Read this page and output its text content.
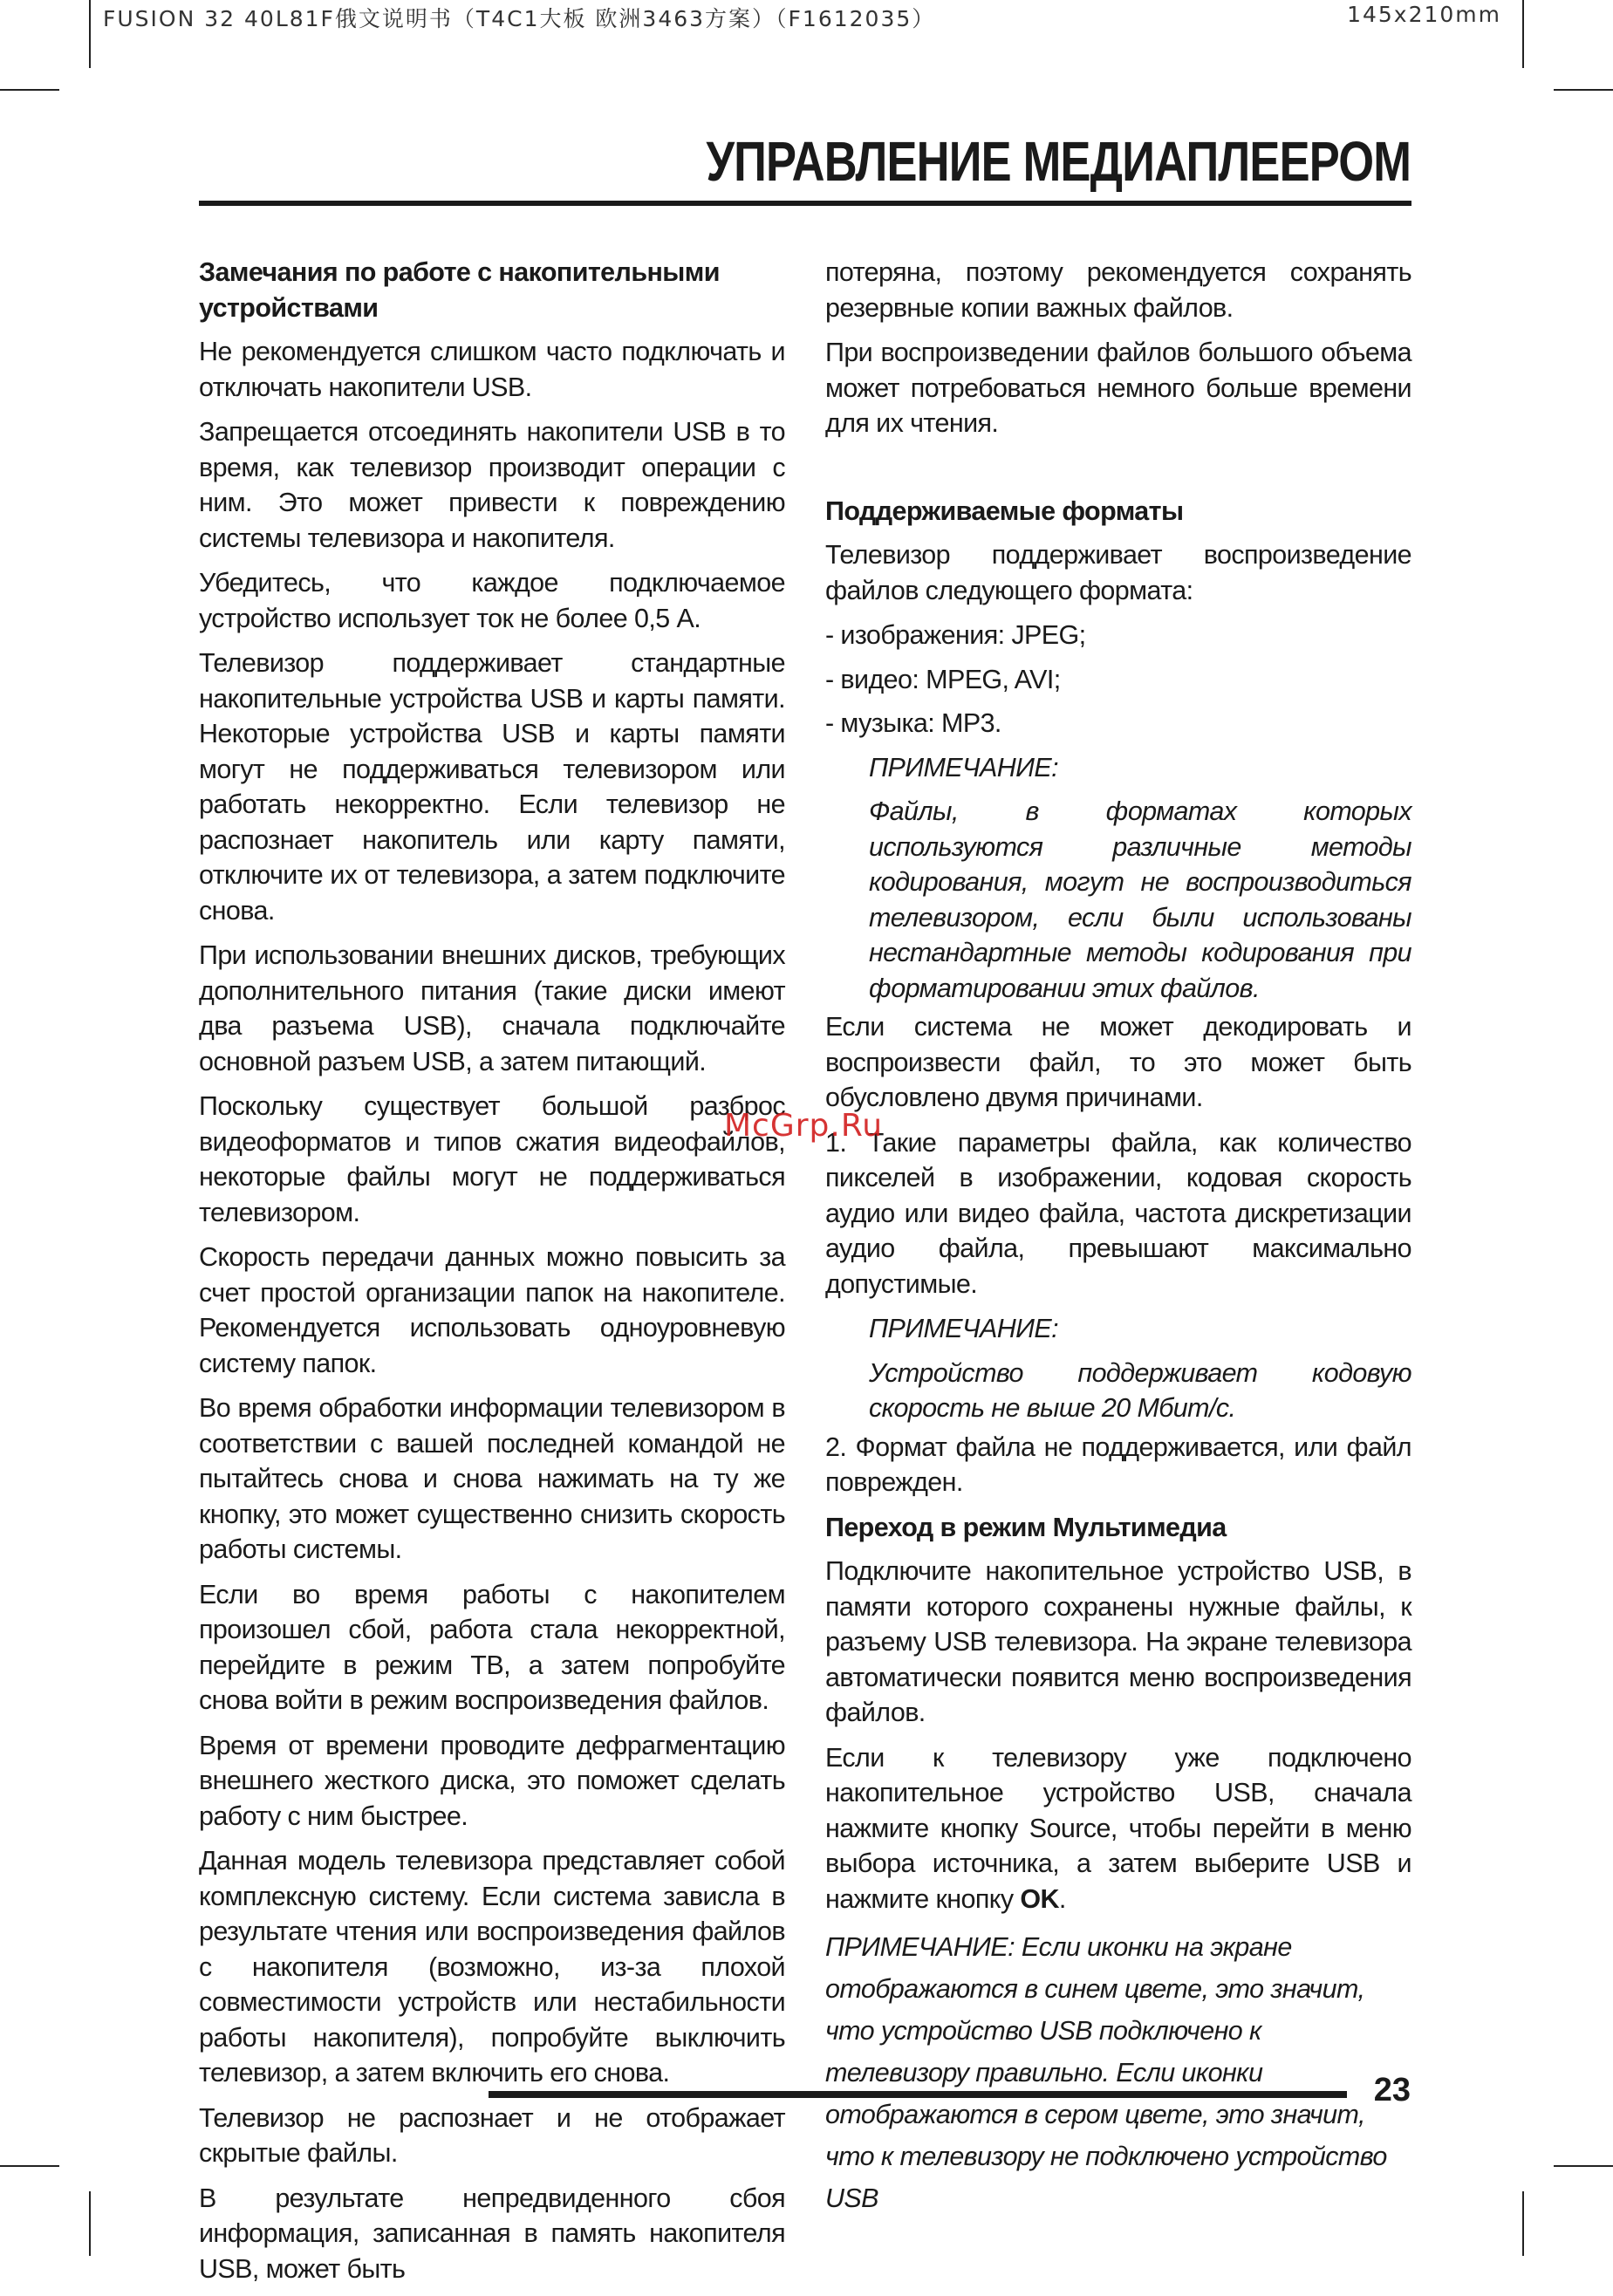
FUSION 32 40L81F俄文说明书（T4C1大板 欧洲3463方案）（F1612035）	145x210mm
УПРАВЛЕНИЕ МЕДИАПЛЕЕРОМ
Замечания по работе с накопительными устройствами

Не рекомендуется слишком часто подключать и отключать накопители USB.

Запрещается отсоединять накопители USB в то время, как телевизор производит операции с ним. Это может привести к повреждению системы телевизора и накопителя.

Убедитесь, что каждое подключаемое устройство использует ток не более 0,5 А.

Телевизор поддерживает стандартные накопительные устройства USB и карты памяти. Некоторые устройства USB и карты памяти могут не поддерживаться телевизором или работать некорректно. Если телевизор не распознает накопитель или карту памяти, отключите их от телевизора, а затем подключите снова.

При использовании внешних дисков, требующих дополнительного питания (такие диски имеют два разъема USB), сначала подключайте основной разъем USB, а затем питающий.

Поскольку существует большой разброс видеоформатов и типов сжатия видеофайлов, некоторые файлы могут не поддерживаться телевизором.

Скорость передачи данных можно повысить за счет простой организации папок на накопителе. Рекомендуется использовать одноуровневую систему папок.

Во время обработки информации телевизором в соответствии с вашей последней командой не пытайтесь снова и снова нажимать на ту же кнопку, это может существенно снизить скорость работы системы.

Если во время работы с накопителем произошел сбой, работа стала некорректной, перейдите в режим ТВ, а затем попробуйте снова войти в режим воспроизведения файлов.

Время от времени проводите дефрагментацию внешнего жесткого диска, это поможет сделать работу с ним быстрее.

Данная модель телевизора представляет собой комплексную систему. Если система зависла в результате чтения или воспроизведения файлов с накопителя (возможно, из-за плохой совместимости устройств или нестабильности работы накопителя), попробуйте выключить телевизор, а затем включить его снова.

Телевизор не распознает и не отображает скрытые файлы.

В результате непредвиденного сбоя информация, записанная в память накопителя USB, может быть

потеряна, поэтому рекомендуется сохранять резервные копии важных файлов.

При воспроизведении файлов большого объема может потребоваться немного больше времени для их чтения.

Поддерживаемые форматы

Телевизор поддерживает воспроизведение файлов следующего формата:

- изображения: JPEG;
- видео: MPEG, AVI;
- музыка: MP3.

ПРИМЕЧАНИЕ:

Файлы, в форматах которых используются различные методы кодирования, могут не воспроизводиться телевизором, если были использованы нестандартные методы кодирования при форматировании этих файлов.

Если система не может декодировать и воспроизвести файл, то это может быть обусловлено двумя причинами.

1. Такие параметры файла, как количество пикселей в изображении, кодовая скорость аудио или видео файла, частота дискретизации аудио файла, превышают максимально допустимые.

ПРИМЕЧАНИЕ:

Устройство поддерживает кодовую скорость не выше 20 Мбит/с.

2. Формат файла не поддерживается, или файл поврежден.

Переход в режим Мультимедиа

Подключите накопительное устройство USB, в памяти которого сохранены нужные файлы, к разъему USB телевизора. На экране телевизора автоматически появится меню воспроизведения файлов.

Если к телевизору уже подключено накопительное устройство USB, сначала нажмите кнопку Source, чтобы перейти в меню выбора источника, а затем выберите USB и нажмите кнопку OK.

ПРИМЕЧАНИЕ: Если иконки на экране отображаются в синем цвете, это значит, что устройство USB подключено к телевизору правильно. Если иконки отображаются в сером цвете, это значит, что к телевизору не подключено устройство USB

McGrp.Ru
23
